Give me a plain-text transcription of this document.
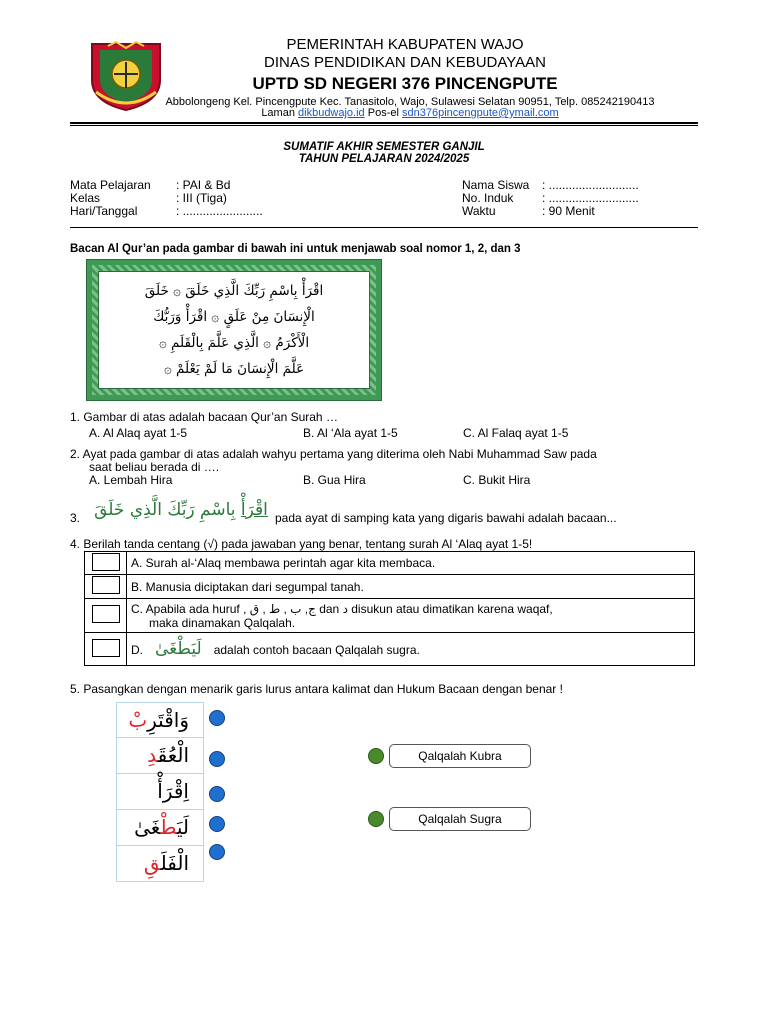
PEMERINTAH KABUPATEN WAJO
DINAS PENDIDIKAN DAN KEBUDAYAAN
UPTD SD NEGERI 376 PINCENGPUTE
Abbolongeng Kel. Pincengpute Kec. Tanasitolo, Wajo, Sulawesi Selatan 90951, Telp. 085242190413
Laman dikbudwajo.id Pos-el sdn376pincengpute@ymail.com
SUMATIF AKHIR SEMESTER GANJIL
TAHUN PELAJARAN 2024/2025
Mata Pelajaran	: PAI & Bd
Kelas	: III (Tiga)
Hari/Tanggal	: ........................
Nama Siswa	: ...........................
No. Induk	: ...........................
Waktu	: 90 Menit
Bacan Al Qur’an pada gambar di bawah ini untuk menjawab soal nomor 1, 2, dan 3
اقْرَأْ بِاسْمِ رَبِّكَ الَّذِي خَلَقَ ۞ خَلَقَ
الْإِنسَانَ مِنْ عَلَقٍ ۞ اقْرَأْ وَرَبُّكَ
الْأَكْرَمُ ۞ الَّذِي عَلَّمَ بِالْقَلَمِ ۞
عَلَّمَ الْإِنسَانَ مَا لَمْ يَعْلَمْ ۞
1. Gambar di atas adalah bacaan Qur’an Surah …
A. Al Alaq ayat 1-5	B. Al ‘Ala ayat 1-5	C. Al Falaq ayat 1-5
2. Ayat pada gambar di atas adalah wahyu pertama yang diterima oleh Nabi Muhammad Saw pada
saat beliau berada di ….
A. Lembah Hira	B. Gua Hira	C. Bukit Hira
3.	اقْرَأْ بِاسْمِ رَبِّكَ الَّذِي خَلَقَ	pada ayat di samping kata yang digaris bawahi adalah bacaan...
4. Berilah tanda centang (√) pada jawaban yang benar, tentang surah Al ‘Alaq ayat 1-5!
	A. Surah al-‘Alaq membawa perintah agar kita membaca.
	B. Manusia diciptakan dari segumpal tanah.

	C. Apabila ada huruf , ج, ب , ط , ق dan د disukun atau dimatikan karena waqaf,
maka dinamakan Qalqalah.

	D. لَيَطْغَىٰ adalah contoh bacaan Qalqalah sugra.
5. Pasangkan dengan menarik garis lurus antara kalimat dan Hukum Bacaan dengan benar !
وَاقْتَرِبْ
الْعُقَدِ
اِقْرَأْ
لَيَطْغَىٰ
الْفَلَقِ
Qalqalah Kubra
Qalqalah Sugra
